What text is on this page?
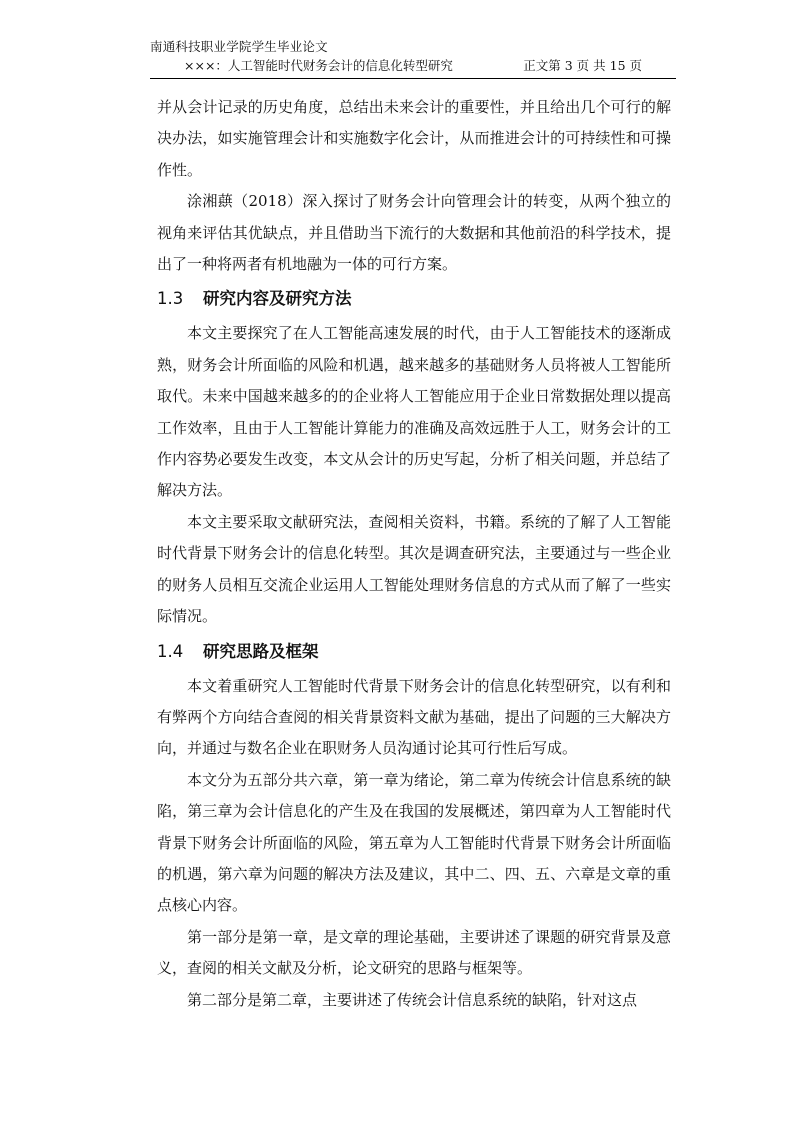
南通科技职业学院学生毕业论文
×××：人工智能时代财务会计的信息化转型研究	正文第 3 页 共 15 页

并从会计记录的历史角度，总结出未来会计的重要性，并且给出几个可行的解决办法，如实施管理会计和实施数字化会计，从而推进会计的可持续性和可操作性。

涂湘蕻（2018）深入探讨了财务会计向管理会计的转变，从两个独立的视角来评估其优缺点，并且借助当下流行的大数据和其他前沿的科学技术，提出了一种将两者有机地融为一体的可行方案。

1.3 研究内容及研究方法

本文主要探究了在人工智能高速发展的时代，由于人工智能技术的逐渐成熟，财务会计所面临的风险和机遇，越来越多的基础财务人员将被人工智能所取代。未来中国越来越多的的企业将人工智能应用于企业日常数据处理以提高工作效率，且由于人工智能计算能力的准确及高效远胜于人工，财务会计的工作内容势必要发生改变，本文从会计的历史写起，分析了相关问题，并总结了解决方法。

本文主要采取文献研究法，查阅相关资料，书籍。系统的了解了人工智能时代背景下财务会计的信息化转型。其次是调查研究法，主要通过与一些企业的财务人员相互交流企业运用人工智能处理财务信息的方式从而了解了一些实际情况。

1.4 研究思路及框架

本文着重研究人工智能时代背景下财务会计的信息化转型研究，以有利和有弊两个方向结合查阅的相关背景资料文献为基础，提出了问题的三大解决方向，并通过与数名企业在职财务人员沟通讨论其可行性后写成。

本文分为五部分共六章，第一章为绪论，第二章为传统会计信息系统的缺陷，第三章为会计信息化的产生及在我国的发展概述，第四章为人工智能时代背景下财务会计所面临的风险，第五章为人工智能时代背景下财务会计所面临的机遇，第六章为问题的解决方法及建议，其中二、四、五、六章是文章的重点核心内容。

第一部分是第一章，是文章的理论基础，主要讲述了课题的研究背景及意义，查阅的相关文献及分析，论文研究的思路与框架等。

第二部分是第二章，主要讲述了传统会计信息系统的缺陷，针对这点
